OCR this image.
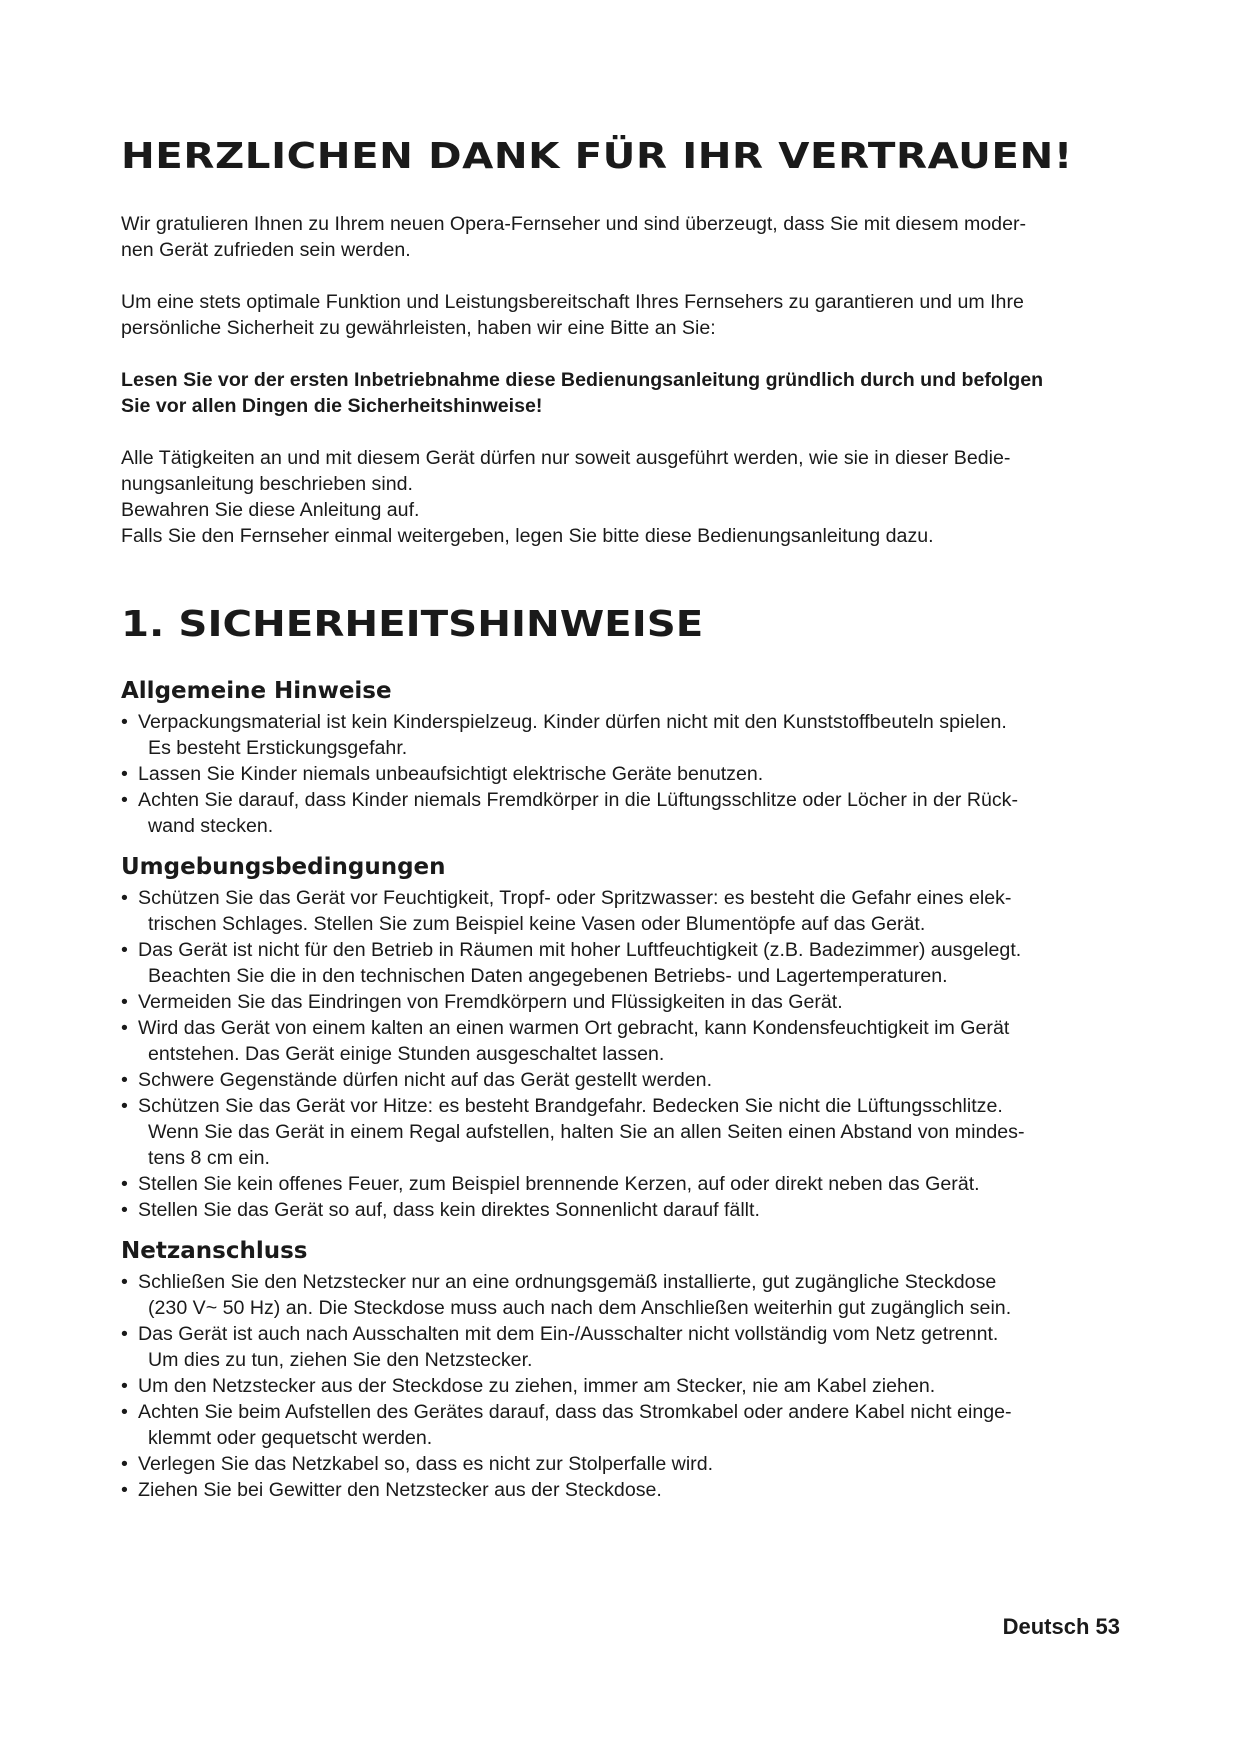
HERZLICHEN DANK FÜR IHR VERTRAUEN!

Wir gratulieren Ihnen zu Ihrem neuen Opera-Fernseher und sind überzeugt, dass Sie mit diesem moder-
nen Gerät zufrieden sein werden.

Um eine stets optimale Funktion und Leistungsbereitschaft Ihres Fernsehers zu garantieren und um Ihre
persönliche Sicherheit zu gewährleisten, haben wir eine Bitte an Sie:

Lesen Sie vor der ersten Inbetriebnahme diese Bedienungsanleitung gründlich durch und befolgen
Sie vor allen Dingen die Sicherheitshinweise!

Alle Tätigkeiten an und mit diesem Gerät dürfen nur soweit ausgeführt werden, wie sie in dieser Bedie-
nungsanleitung beschrieben sind.
Bewahren Sie diese Anleitung auf.
Falls Sie den Fernseher einmal weitergeben, legen Sie bitte diese Bedienungsanleitung dazu.

1. SICHERHEITSHINWEISE
Allgemeine Hinweise
• Verpackungsmaterial ist kein Kinderspielzeug. Kinder dürfen nicht mit den Kunststoffbeuteln spielen.
Es besteht Erstickungsgefahr.
• Lassen Sie Kinder niemals unbeaufsichtigt elektrische Geräte benutzen.
• Achten Sie darauf, dass Kinder niemals Fremdkörper in die Lüftungsschlitze oder Löcher in der Rück-
wand stecken.
Umgebungsbedingungen
• Schützen Sie das Gerät vor Feuchtigkeit, Tropf- oder Spritzwasser: es besteht die Gefahr eines elek-
trischen Schlages. Stellen Sie zum Beispiel keine Vasen oder Blumentöpfe auf das Gerät.
• Das Gerät ist nicht für den Betrieb in Räumen mit hoher Luftfeuchtigkeit (z.B. Badezimmer) ausgelegt.
Beachten Sie die in den technischen Daten angegebenen Betriebs- und Lagertemperaturen.
• Vermeiden Sie das Eindringen von Fremdkörpern und Flüssigkeiten in das Gerät.
• Wird das Gerät von einem kalten an einen warmen Ort gebracht, kann Kondensfeuchtigkeit im Gerät
entstehen. Das Gerät einige Stunden ausgeschaltet lassen.
• Schwere Gegenstände dürfen nicht auf das Gerät gestellt werden.
• Schützen Sie das Gerät vor Hitze: es besteht Brandgefahr. Bedecken Sie nicht die Lüftungsschlitze.
Wenn Sie das Gerät in einem Regal aufstellen, halten Sie an allen Seiten einen Abstand von mindes-
tens 8 cm ein.
• Stellen Sie kein offenes Feuer, zum Beispiel brennende Kerzen, auf oder direkt neben das Gerät.
• Stellen Sie das Gerät so auf, dass kein direktes Sonnenlicht darauf fällt.
Netzanschluss
• Schließen Sie den Netzstecker nur an eine ordnungsgemäß installierte, gut zugängliche Steckdose
(230 V~ 50 Hz) an. Die Steckdose muss auch nach dem Anschließen weiterhin gut zugänglich sein.
• Das Gerät ist auch nach Ausschalten mit dem Ein-/Ausschalter nicht vollständig vom Netz getrennt.
Um dies zu tun, ziehen Sie den Netzstecker.
• Um den Netzstecker aus der Steckdose zu ziehen, immer am Stecker, nie am Kabel ziehen.
• Achten Sie beim Aufstellen des Gerätes darauf, dass das Stromkabel oder andere Kabel nicht einge-
klemmt oder gequetscht werden.
• Verlegen Sie das Netzkabel so, dass es nicht zur Stolperfalle wird.
• Ziehen Sie bei Gewitter den Netzstecker aus der Steckdose.
Deutsch 53
